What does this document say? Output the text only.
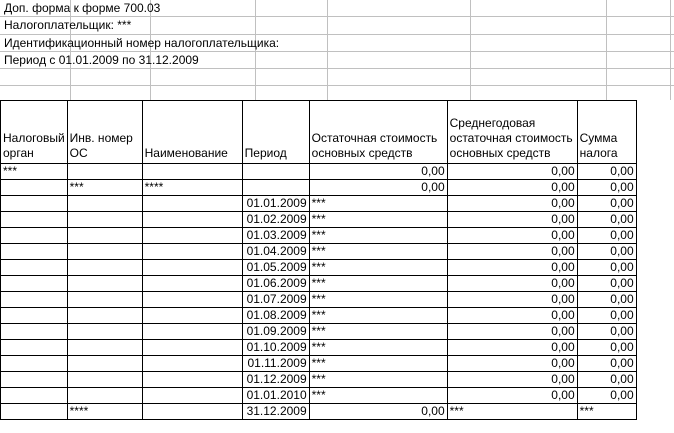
Доп. форма к форме 700.03
Налогоплательщик: ***
Идентификационный номер налогоплательщика:
Период с 01.01.2009 по 31.12.2009
Налоговый орган	Инв. номер ОС	Наименование	Период	Остаточная стоимость основных средств	Среднегодовая остаточная стоимость основных средств	Сумма налога
***				0,00	0,00	0,00
	***	****		0,00	0,00	0,00
			01.01.2009	***	0,00	0,00
			01.02.2009	***	0,00	0,00
			01.03.2009	***	0,00	0,00
			01.04.2009	***	0,00	0,00
			01.05.2009	***	0,00	0,00
			01.06.2009	***	0,00	0,00
			01.07.2009	***	0,00	0,00
			01.08.2009	***	0,00	0,00
			01.09.2009	***	0,00	0,00
			01.10.2009	***	0,00	0,00
			01.11.2009	***	0,00	0,00
			01.12.2009	***	0,00	0,00
			01.01.2010	***	0,00	0,00
	****		31.12.2009	0,00	***	***
